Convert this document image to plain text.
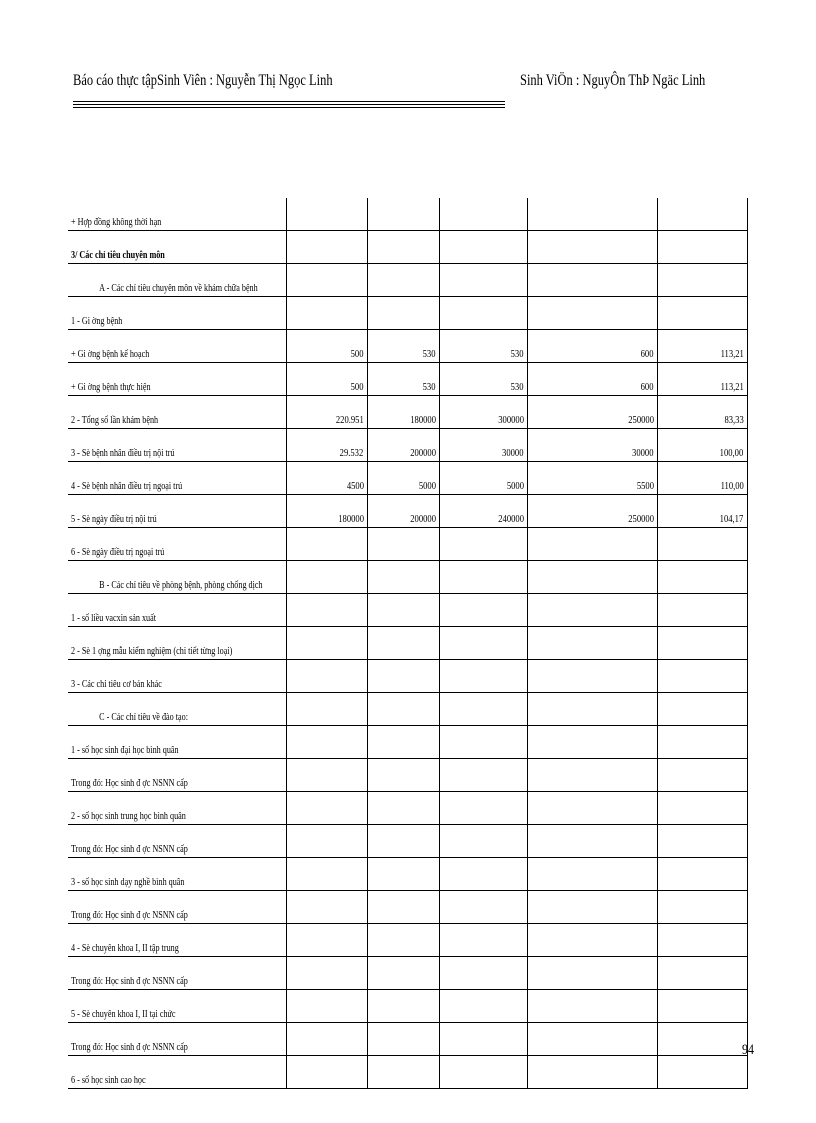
Báo cáo thực tậpSinh Viên : Nguyễn Thị Ngọc Linh	Sinh ViÖn : NguyÔn ThÞ Ngäc Linh
+ Hợp đồng không thời hạn					
3/ Các chỉ tiêu chuyên môn					
A - Các chỉ tiêu chuyên môn về khám chữa bệnh					
1 - Gi ờng bệnh					
+ Gi ờng bệnh kế hoạch	500	530	530	600	113,21
+ Gi ờng bệnh thực hiện	500	530	530	600	113,21
2 - Tổng số lần khám bệnh	220.951	180000	300000	250000	83,33
3 - Sè bệnh nhân điều trị nội trú	29.532	200000	30000	30000	100,00
4 - Sè bệnh nhân điều trị ngoại trú	4500	5000	5000	5500	110,00
5 - Sè ngày điều trị nội trú	180000	200000	240000	250000	104,17
6 - Sè ngày điều trị ngoại trú					
B - Các chỉ tiêu về phòng bệnh, phòng chống dịch					
1 - số liều vacxin sản xuất					
2 - Sè 1 ợng mẫu kiểm nghiệm (chi tiết từng loại)					
3 - Các chỉ tiêu cơ bản khác					
C - Các chỉ tiêu về đào tạo:					
1 - số học sinh đại học bình quân					
Trong đó: Học sinh đ ợc NSNN cấp					
2 - số học sinh trung học bình quân					
Trong đó: Học sinh đ ợc NSNN cấp					
3 - số học sinh dạy nghề bình quân					
Trong đó: Học sinh đ ợc NSNN cấp					
4 - Sè chuyên khoa I, II tập trung					
Trong đó: Học sinh đ ợc NSNN cấp					
5 - Sè chuyên khoa I, II tại chức					
Trong đó: Học sinh đ ợc NSNN cấp					
6 - số học sinh cao học					
94
